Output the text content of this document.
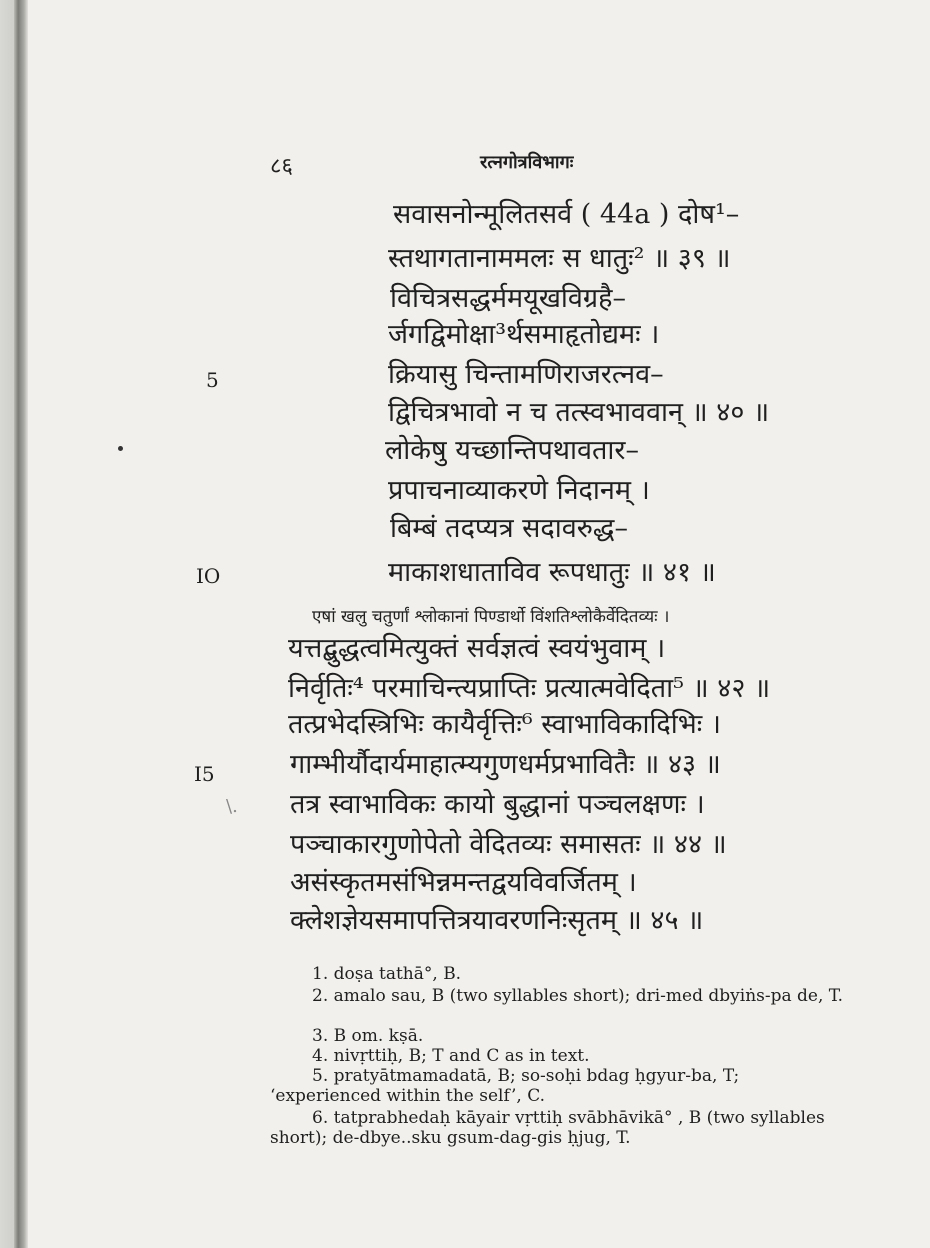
८६	रत्नगोत्रविभागः
सवासनोन्मूलितसर्व ( 44a ) दोष¹–
स्तथागतानाममलः स धातुः² ॥ ३९ ॥
विचित्रसद्धर्ममयूखविग्रहै–
र्जगद्विमोक्षा³र्थसमाहृतोद्यमः ।
क्रियासु चिन्तामणिराजरत्नव–
द्विचित्रभावो न च तत्स्वभाववान् ॥ ४० ॥
लोकेषु यच्छान्तिपथावतार–
प्रपाचनाव्याकरणे निदानम् ।
बिम्बं तदप्यत्र सदावरुद्ध–
माकाशधाताविव रूपधातुः ॥ ४१ ॥
एषां खलु चतुर्णां श्लोकानां पिण्डार्थो विंशतिश्लोकैर्वेदितव्यः ।
यत्तद्बुद्धत्वमित्युक्तं सर्वज्ञत्वं स्वयंभुवाम् ।
निर्वृतिः⁴ परमाचिन्त्यप्राप्तिः प्रत्यात्मवेदिता⁵ ॥ ४२ ॥
तत्प्रभेदस्त्रिभिः कायैर्वृत्तिः⁶ स्वाभाविकादिभिः ।
गाम्भीर्यौदार्यमाहात्म्यगुणधर्मप्रभावितैः ॥ ४३ ॥
तत्र स्वाभाविकः कायो बुद्धानां पञ्चलक्षणः ।
पञ्चाकारगुणोपेतो वेदितव्यः समासतः ॥ ४४ ॥
असंस्कृतमसंभिन्नमन्तद्वयविवर्जितम् ।
क्लेशज्ञेयसमापत्तित्रयावरणनिःसृतम् ॥ ४५ ॥
5
IO
I5
\.
1. doṣa tathā°, B.
2. amalo sau, B (two syllables short); dri-med dbyiṅs-pa de, T.
3. B om. kṣā.
4. nivṛttiḥ, B; T and C as in text.
5. pratyātmamadatā, B; so-soḥi bdag ḥgyur-ba, T; ‘experienced within the self’, C.
6. tatprabhedaḥ kāyair vṛttiḥ svābhāvikā° , B (two syllables short); de-dbye..sku gsum-dag-gis ḥjug, T.
